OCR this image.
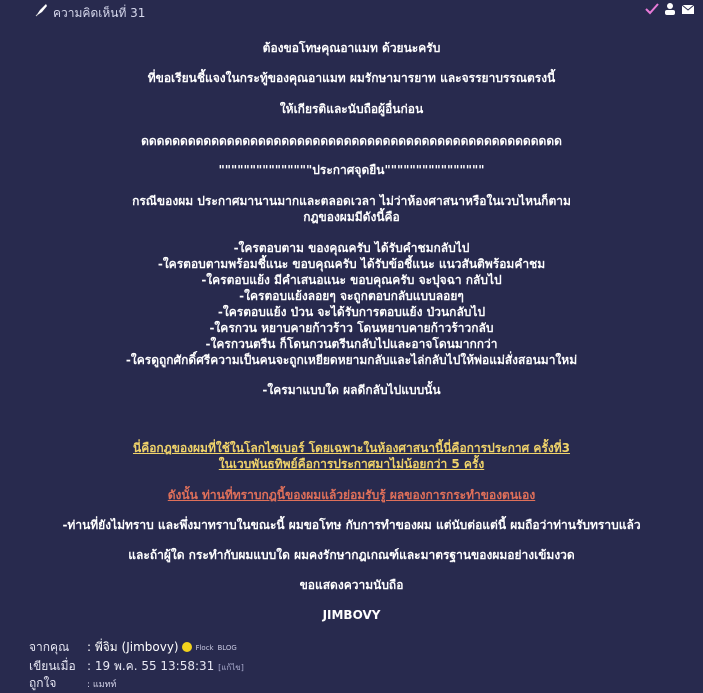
ความคิดเห็นที่ 31
ต้องขอโทษคุณอาแมท ด้วยนะครับ
ที่ขอเรียนชี้แจงในกระทู้ของคุณอาแมท ผมรักษามารยาท และจรรยาบรรณตรงนี้
ให้เกียรติและนับถือผู้อื่นก่อน
ดดดดดดดดดดดดดดดดดดดดดดดดดดดดดดดดดดดดดดดดดดดดดดดดดดดดดด
"""""""""""""""ประกาศจุดยืน""""""""""""""""
กรณีของผม ประกาศมานานมากและตลอดเวลา ไม่ว่าห้องศาสนาหรือในเวบไหนก็ตาม
กฎของผมมีดังนี้คือ
-ใครตอบตาม ของคุณครับ ได้รับคำชมกลับไป
-ใครตอบตามพร้อมชี้แนะ ขอบคุณครับ ได้รับข้อชี้แนะ แนวสันติพร้อมคำชม
-ใครตอบแย้ง มีคำเสนอแนะ ขอบคุณครับ จะปุจฉา กลับไป
-ใครตอบแย้งลอยๆ จะถูกตอบกลับแบบลอยๆ
-ใครตอบแย้ง ป่วน จะได้รับการตอบแย้ง ป่วนกลับไป
-ใครกวน หยาบคายก้าวร้าว โดนหยาบคายก้าวร้าวกลับ
-ใครกวนตรีน ก็โดนกวนตรีนกลับไปและอาจโดนมากกว่า
-ใครดูถูกศักดิ์ศรีความเป็นคนจะถูกเหยียดหยามกลับและไล่กลับไปให้พ่อแม่สั่งสอนมาใหม่
-ใครมาแบบใด ผลดีกลับไปแบบนั้น
นี่คือกฎของผมที่ใช้ในโลกไซเบอร์ โดยเฉพาะในห้องศาสนานี้นี่คือการประกาศ ครั้งที่3
ในเวบพันธทิพย์คือการประกาศมาไม่น้อยกว่า 5 ครั้ง
ดังนั้น ท่านที่ทราบกฎนี้ของผมแล้วย่อมรับรู้ ผลของการกระทำของตนเอง
-ท่านที่ยังไม่ทราบ และพึ่งมาทราบในขณะนี้ ผมขอโทษ กับการทำของผม แต่นับต่อแต่นี้ ผมถือว่าท่านรับทราบแล้ว
และถ้าผู้ใด กระทำกับผมแบบใด ผมคงรักษากฎเกณฑ์และมาตรฐานของผมอย่างเข้มงวด
ขอแสดงความนับถือ
JIMBOVY
จากคุณ : พี่จิม (Jimbovy) Flock BLOG
เขียนเมื่อ : 19 พ.ค. 55 13:58:31 [แก้ไข]
ถูกใจ	: แมทท์
